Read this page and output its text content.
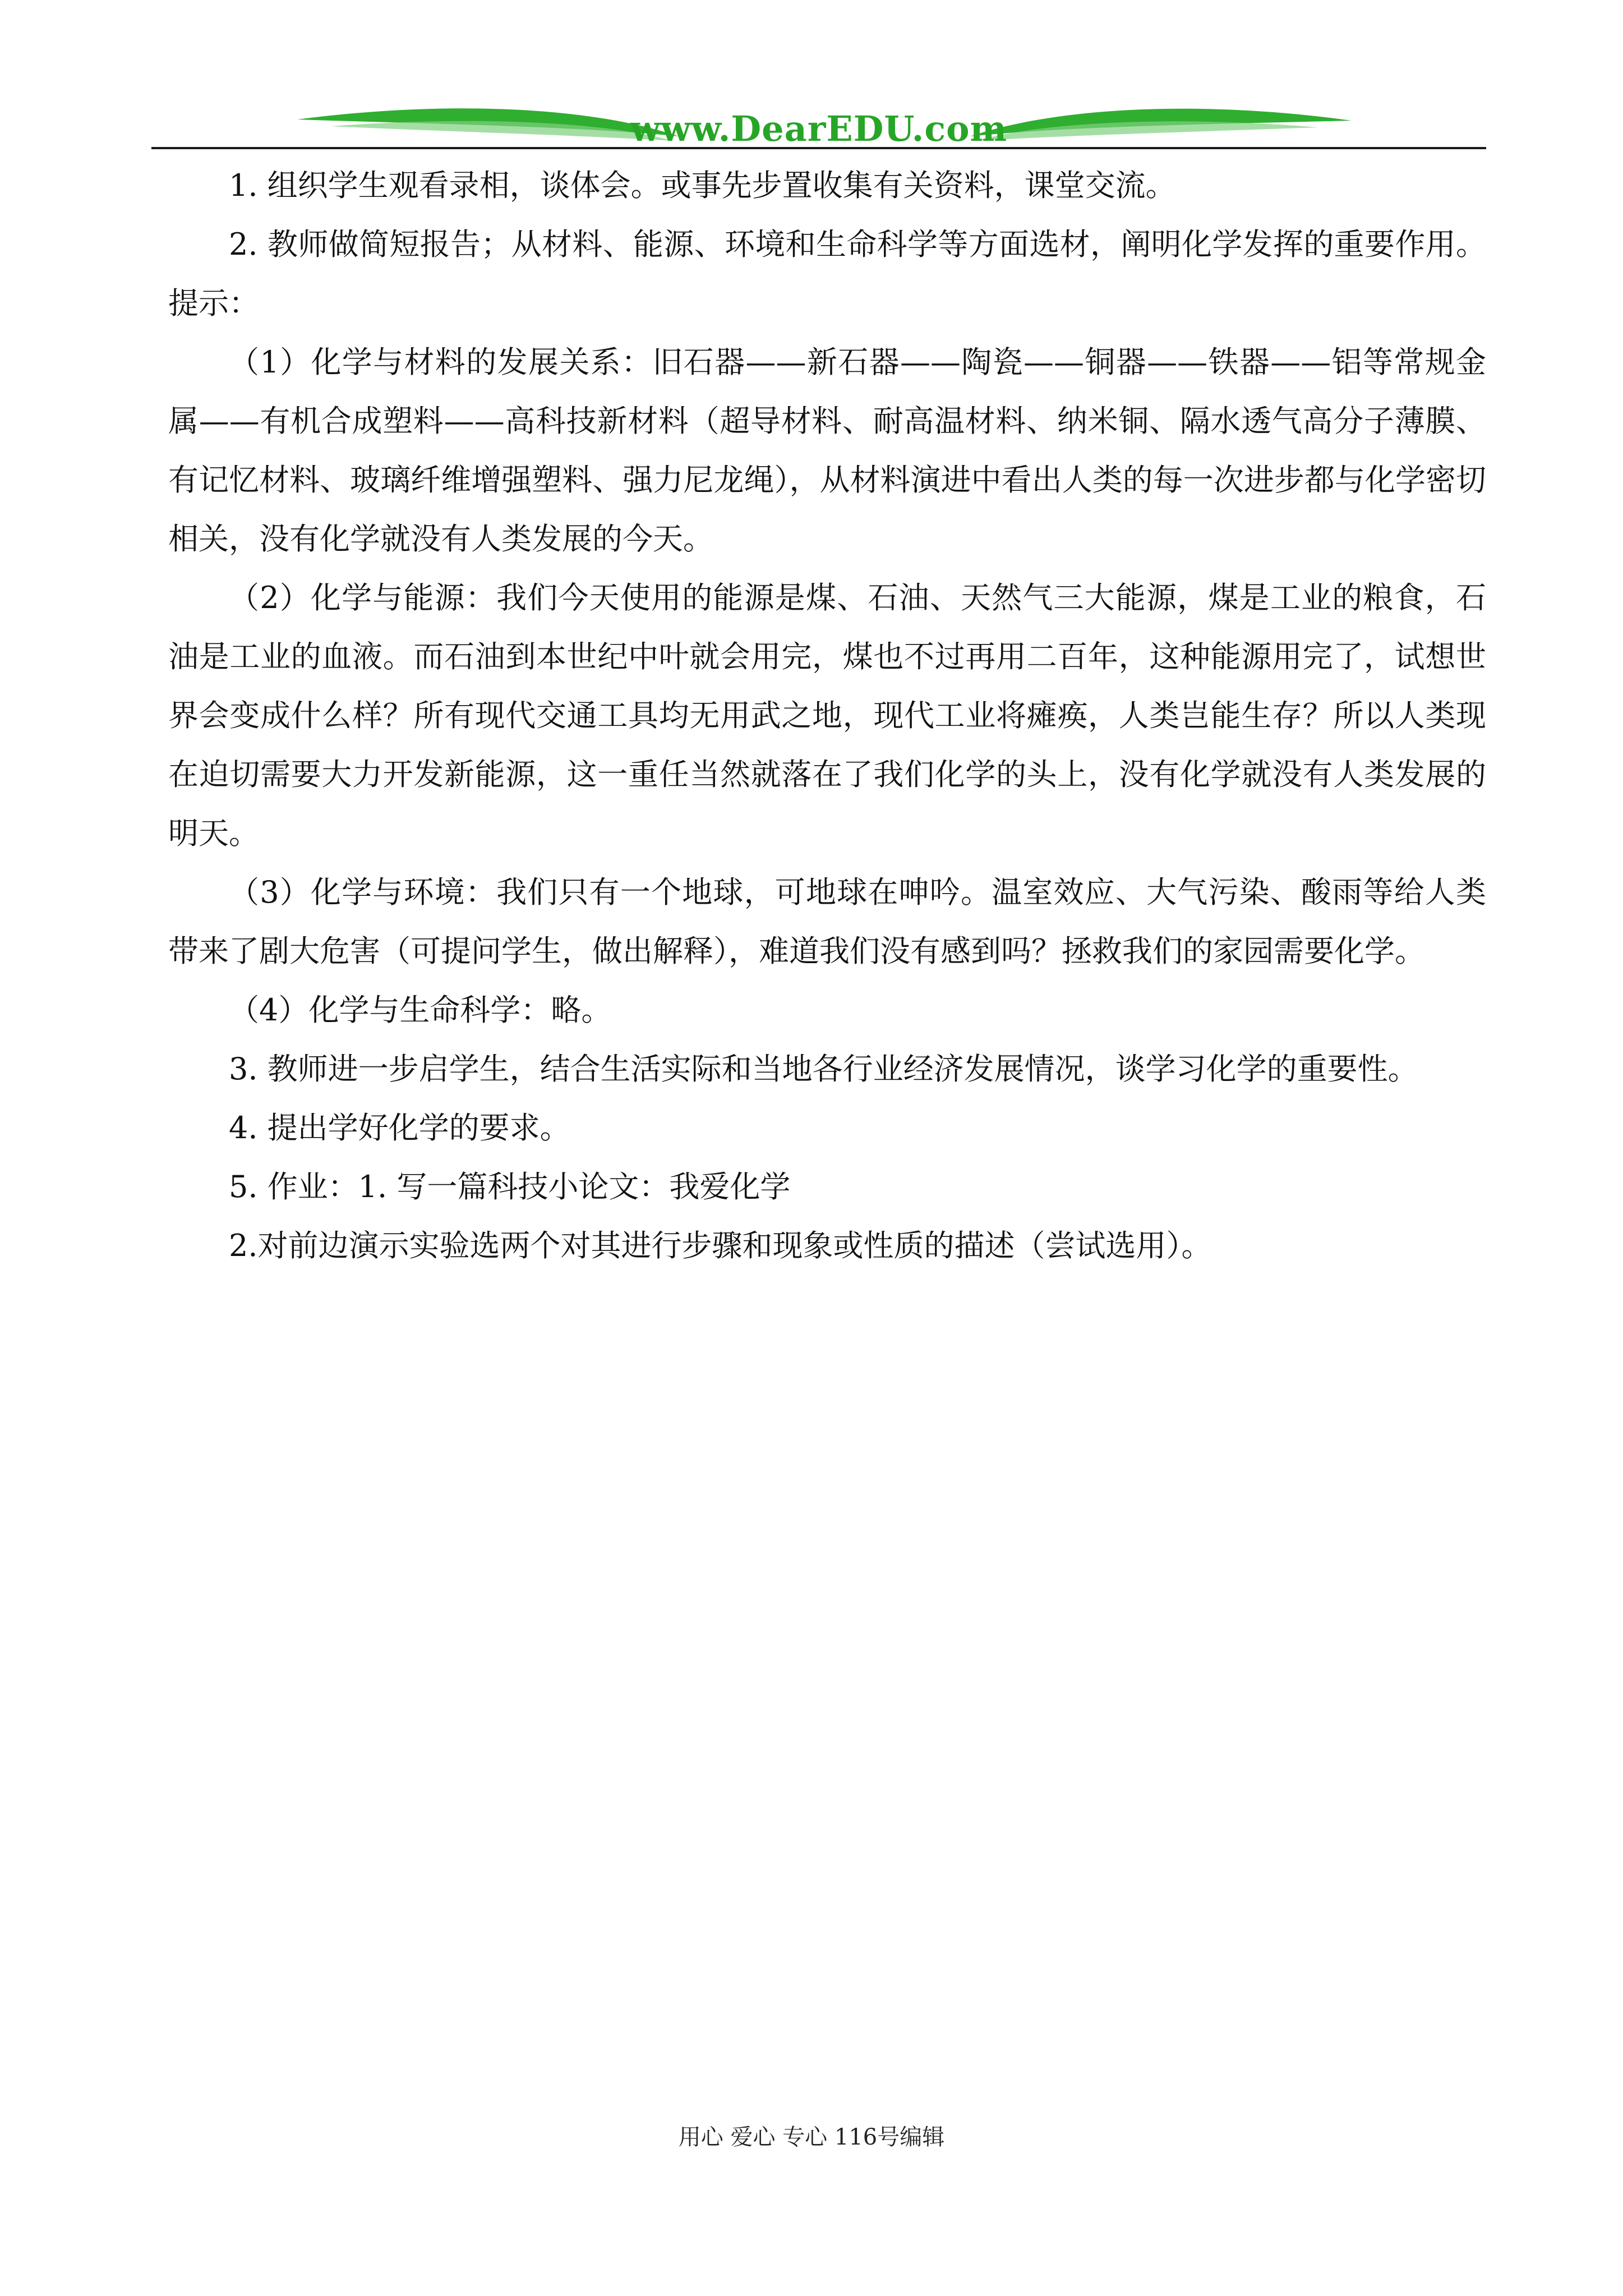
www.DearEDU.com

1. 组织学生观看录相，谈体会。或事先步置收集有关资料，课堂交流。

2. 教师做简短报告；从材料、能源、环境和生命科学等方面选材，阐明化学发挥的重要作用。提示：

（1）化学与材料的发展关系：旧石器——新石器——陶瓷——铜器——铁器——铝等常规金属——有机合成塑料——高科技新材料（超导材料、耐高温材料、纳米铜、隔水透气高分子薄膜、有记忆材料、玻璃纤维增强塑料、强力尼龙绳），从材料演进中看出人类的每一次进步都与化学密切相关，没有化学就没有人类发展的今天。

（2）化学与能源：我们今天使用的能源是煤、石油、天然气三大能源，煤是工业的粮食，石油是工业的血液。而石油到本世纪中叶就会用完，煤也不过再用二百年，这种能源用完了，试想世界会变成什么样？所有现代交通工具均无用武之地，现代工业将瘫痪，人类岂能生存？所以人类现在迫切需要大力开发新能源，这一重任当然就落在了我们化学的头上，没有化学就没有人类发展的明天。

（3）化学与环境：我们只有一个地球，可地球在呻吟。温室效应、大气污染、酸雨等给人类带来了剧大危害（可提问学生，做出解释），难道我们没有感到吗？拯救我们的家园需要化学。

（4）化学与生命科学：略。

3. 教师进一步启学生，结合生活实际和当地各行业经济发展情况，谈学习化学的重要性。

4. 提出学好化学的要求。

5. 作业：1. 写一篇科技小论文：我爱化学

2.对前边演示实验选两个对其进行步骤和现象或性质的描述（尝试选用）。

用心 爱心 专心 116号编辑
